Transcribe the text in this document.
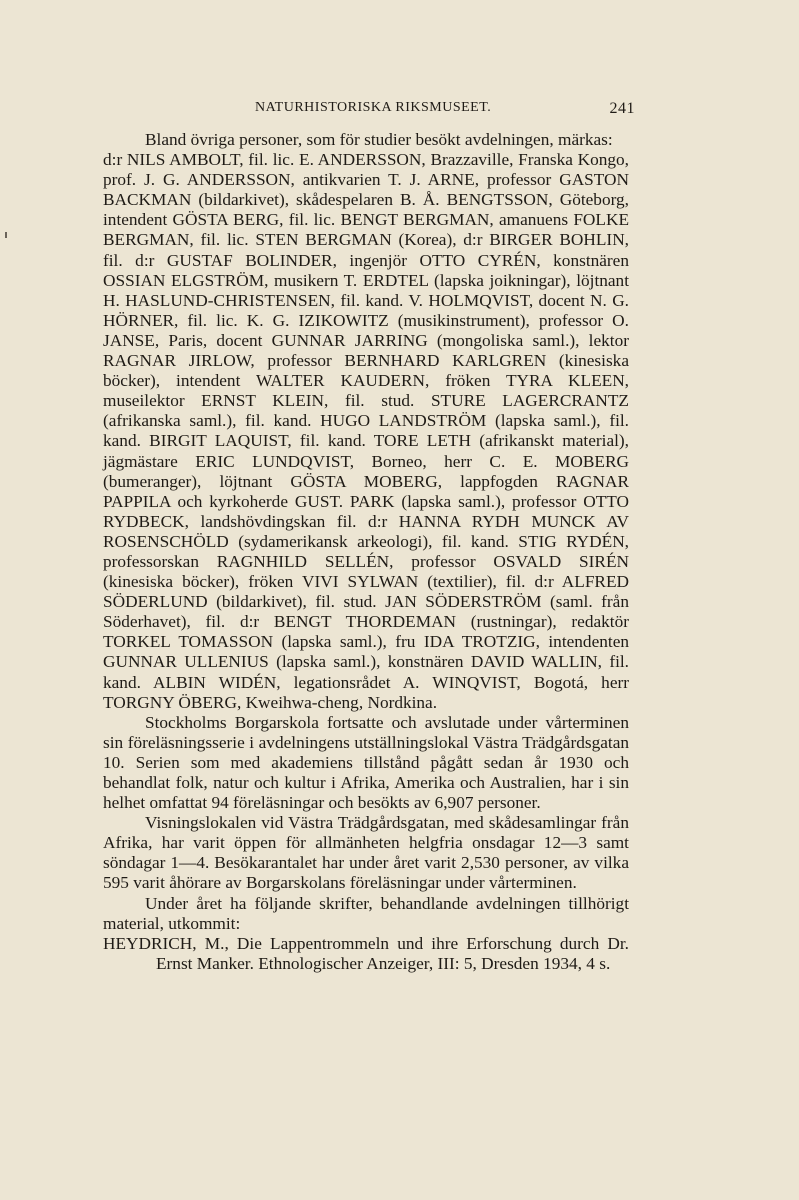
NATURHISTORISKA RIKSMUSEET.	241

Bland övriga personer, som för studier besökt avdelningen, märkas:

d:r NILS AMBOLT, fil. lic. E. ANDERSSON, Brazzaville, Franska Kongo, prof. J. G. ANDERSSON, antikvarien T. J. ARNE, professor GASTON BACKMAN (bildarkivet), skådespelaren B. Å. BENGTSSON, Göteborg, intendent GÖSTA BERG, fil. lic. BENGT BERGMAN, amanuens FOLKE BERGMAN, fil. lic. STEN BERGMAN (Korea), d:r BIRGER BOHLIN, fil. d:r GUSTAF BOLINDER, ingenjör OTTO CYRÉN, konstnären OSSIAN ELGSTRÖM, musikern T. ERDTEL (lapska joikningar), löjtnant H. HASLUND-CHRISTENSEN, fil. kand. V. HOLMQVIST, docent N. G. HÖRNER, fil. lic. K. G. IZIKOWITZ (musikinstrument), professor O. JANSE, Paris, docent GUNNAR JARRING (mongoliska saml.), lektor RAGNAR JIRLOW, professor BERNHARD KARLGREN (kinesiska böcker), intendent WALTER KAUDERN, fröken TYRA KLEEN, museilektor ERNST KLEIN, fil. stud. STURE LAGERCRANTZ (afrikanska saml.), fil. kand. HUGO LANDSTRÖM (lapska saml.), fil. kand. BIRGIT LAQUIST, fil. kand. TORE LETH (afrikanskt material), jägmästare ERIC LUNDQVIST, Borneo, herr C. E. MOBERG (bumeranger), löjtnant GÖSTA MOBERG, lappfogden RAGNAR PAPPILA och kyrkoherde GUST. PARK (lapska saml.), professor OTTO RYDBECK, landshövdingskan fil. d:r HANNA RYDH MUNCK AV ROSENSCHÖLD (sydamerikansk arkeologi), fil. kand. STIG RYDÉN, professorskan RAGNHILD SELLÉN, professor OSVALD SIRÉN (kinesiska böcker), fröken VIVI SYLWAN (textilier), fil. d:r ALFRED SÖDERLUND (bildarkivet), fil. stud. JAN SÖDERSTRÖM (saml. från Söderhavet), fil. d:r BENGT THORDEMAN (rustningar), redaktör TORKEL TOMASSON (lapska saml.), fru IDA TROTZIG, intendenten GUNNAR ULLENIUS (lapska saml.), konstnären DAVID WALLIN, fil. kand. ALBIN WIDÉN, legationsrådet A. WINQVIST, Bogotá, herr TORGNY ÖBERG, Kweihwa-cheng, Nordkina.

Stockholms Borgarskola fortsatte och avslutade under vårterminen sin föreläsningsserie i avdelningens utställningslokal Västra Trädgårdsgatan 10. Serien som med akademiens tillstånd pågått sedan år 1930 och behandlat folk, natur och kultur i Afrika, Amerika och Australien, har i sin helhet omfattat 94 föreläsningar och besökts av 6,907 personer.

Visningslokalen vid Västra Trädgårdsgatan, med skådesamlingar från Afrika, har varit öppen för allmänheten helgfria onsdagar 12—3 samt söndagar 1—4. Besökarantalet har under året varit 2,530 personer, av vilka 595 varit åhörare av Borgarskolans föreläsningar under vårterminen.

Under året ha följande skrifter, behandlande avdelningen tillhörigt material, utkommit:

HEYDRICH, M., Die Lappentrommeln und ihre Erforschung durch Dr. Ernst Manker. Ethnologischer Anzeiger, III: 5, Dresden 1934, 4 s.
